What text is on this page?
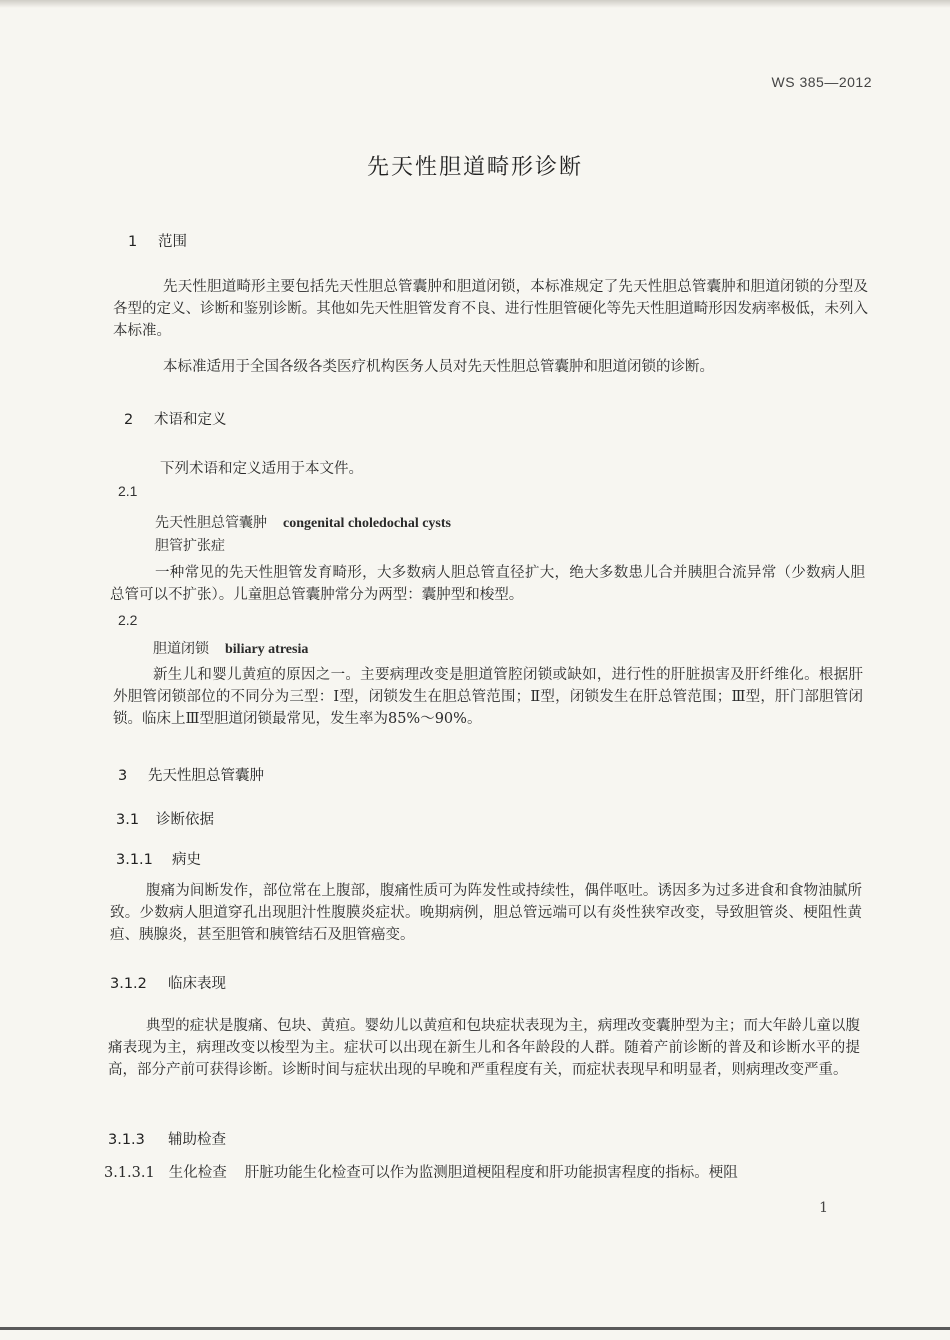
WS 385—2012
先天性胆道畸形诊断
1 范围
先天性胆道畸形主要包括先天性胆总管囊肿和胆道闭锁，本标准规定了先天性胆总管囊肿和胆道闭锁的分型及各型的定义、诊断和鉴别诊断。其他如先天性胆管发育不良、进行性胆管硬化等先天性胆道畸形因发病率极低，未列入本标准。
本标准适用于全国各级各类医疗机构医务人员对先天性胆总管囊肿和胆道闭锁的诊断。
2 术语和定义
下列术语和定义适用于本文件。
2.1
先天性胆总管囊肿 congenital choledochal cysts
胆管扩张症
一种常见的先天性胆管发育畸形，大多数病人胆总管直径扩大，绝大多数患儿合并胰胆合流异常（少数病人胆总管可以不扩张）。儿童胆总管囊肿常分为两型：囊肿型和梭型。
2.2
胆道闭锁 biliary atresia
新生儿和婴儿黄疸的原因之一。主要病理改变是胆道管腔闭锁或缺如，进行性的肝脏损害及肝纤维化。根据肝外胆管闭锁部位的不同分为三型：Ⅰ型，闭锁发生在胆总管范围；Ⅱ型，闭锁发生在肝总管范围；Ⅲ型，肝门部胆管闭锁。临床上Ⅲ型胆道闭锁最常见，发生率为85%～90%。
3 先天性胆总管囊肿
3.1 诊断依据
3.1.1 病史
腹痛为间断发作，部位常在上腹部，腹痛性质可为阵发性或持续性，偶伴呕吐。诱因多为过多进食和食物油腻所致。少数病人胆道穿孔出现胆汁性腹膜炎症状。晚期病例，胆总管远端可以有炎性狭窄改变，导致胆管炎、梗阻性黄疸、胰腺炎，甚至胆管和胰管结石及胆管癌变。
3.1.2 临床表现
典型的症状是腹痛、包块、黄疸。婴幼儿以黄疸和包块症状表现为主，病理改变囊肿型为主；而大年龄儿童以腹痛表现为主，病理改变以梭型为主。症状可以出现在新生儿和各年龄段的人群。随着产前诊断的普及和诊断水平的提高，部分产前可获得诊断。诊断时间与症状出现的早晚和严重程度有关，而症状表现早和明显者，则病理改变严重。
3.1.3 辅助检查
3.1.3.1 生化检查 肝脏功能生化检查可以作为监测胆道梗阻程度和肝功能损害程度的指标。梗阻
1
